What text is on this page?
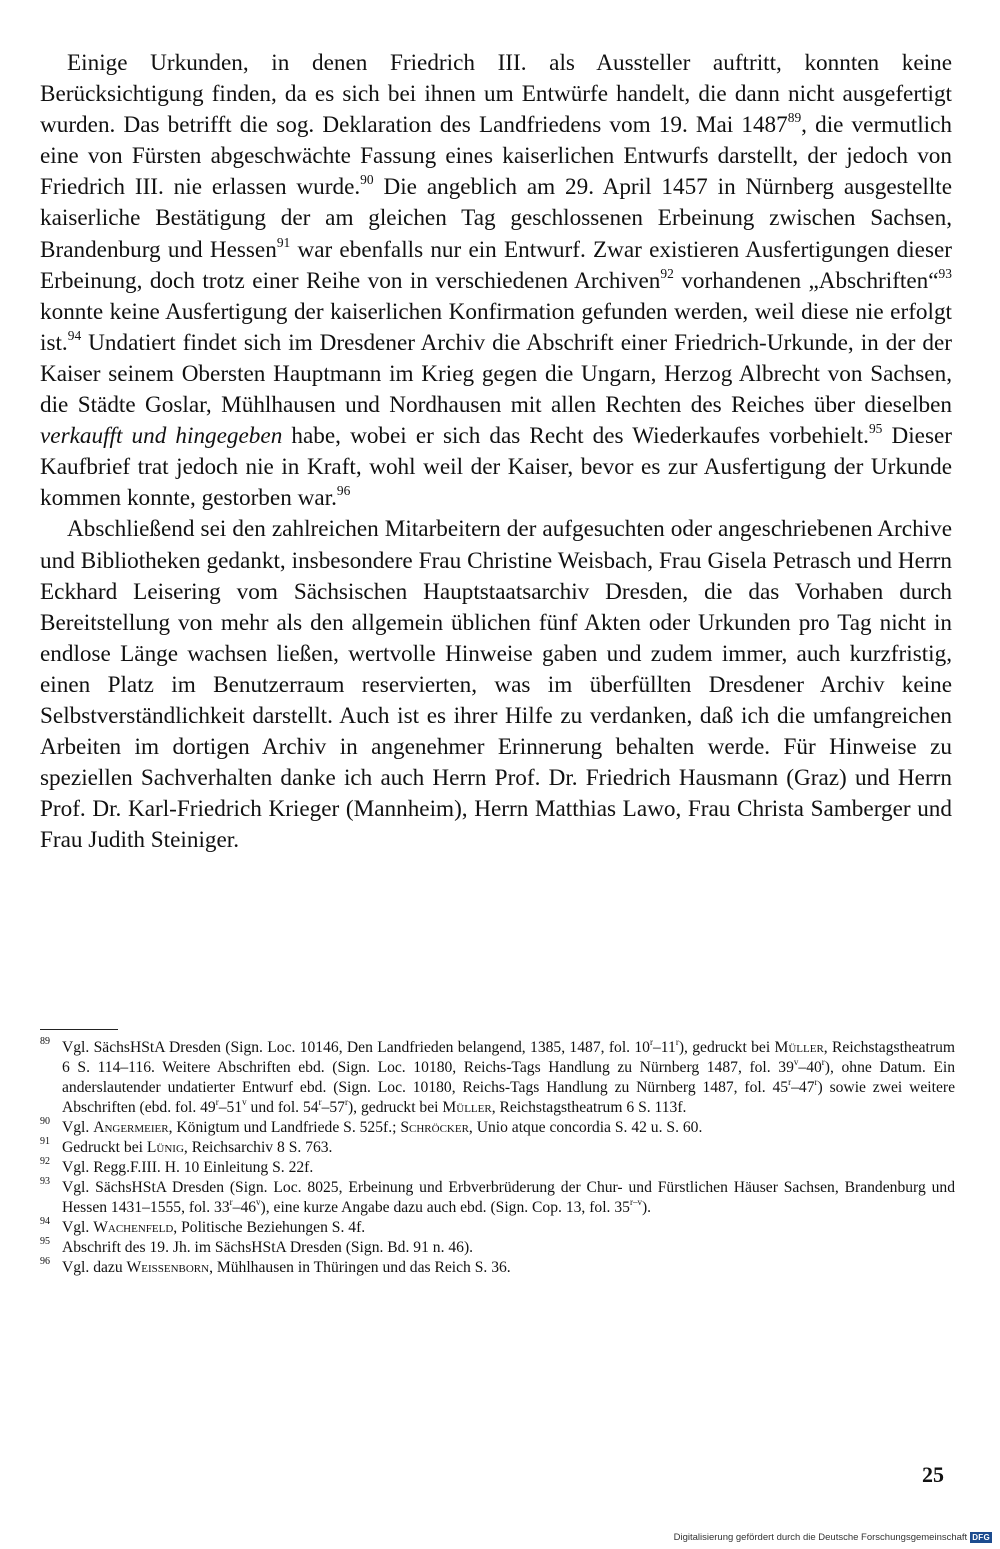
Einige Urkunden, in denen Friedrich III. als Aussteller auftritt, konnten keine Berücksichtigung finden, da es sich bei ihnen um Entwürfe handelt, die dann nicht ausgefertigt wurden. Das betrifft die sog. Deklaration des Landfriedens vom 19. Mai 1487$^{89}$, die vermutlich eine von Fürsten abgeschwächte Fassung eines kaiserlichen Entwurfs darstellt, der jedoch von Friedrich III. nie erlassen wurde.$^{90}$ Die angeblich am 29. April 1457 in Nürnberg ausgestellte kaiserliche Bestätigung der am gleichen Tag geschlossenen Erbeinung zwischen Sachsen, Brandenburg und Hessen$^{91}$ war ebenfalls nur ein Entwurf. Zwar existieren Ausfertigungen dieser Erbeinung, doch trotz einer Reihe von in verschiedenen Archiven$^{92}$ vorhandenen „Abschriften“$^{93}$ konnte keine Ausfertigung der kaiserlichen Konfirmation gefunden werden, weil diese nie erfolgt ist.$^{94}$ Undatiert findet sich im Dresdener Archiv die Abschrift einer Friedrich-Urkunde, in der der Kaiser seinem Obersten Hauptmann im Krieg gegen die Ungarn, Herzog Albrecht von Sachsen, die Städte Goslar, Mühlhausen und Nordhausen mit allen Rechten des Reiches über dieselben verkaufft und hingegeben habe, wobei er sich das Recht des Wiederkaufes vorbehielt.$^{95}$ Dieser Kaufbrief trat jedoch nie in Kraft, wohl weil der Kaiser, bevor es zur Ausfertigung der Urkunde kommen konnte, gestorben war.$^{96}$

Abschließend sei den zahlreichen Mitarbeitern der aufgesuchten oder angeschriebenen Archive und Bibliotheken gedankt, insbesondere Frau Christine Weisbach, Frau Gisela Petrasch und Herrn Eckhard Leisering vom Sächsischen Hauptstaatsarchiv Dresden, die das Vorhaben durch Bereitstellung von mehr als den allgemein üblichen fünf Akten oder Urkunden pro Tag nicht in endlose Länge wachsen ließen, wertvolle Hinweise gaben und zudem immer, auch kurzfristig, einen Platz im Benutzerraum reservierten, was im überfüllten Dresdener Archiv keine Selbstverständlichkeit darstellt. Auch ist es ihrer Hilfe zu verdanken, daß ich die umfangreichen Arbeiten im dortigen Archiv in angenehmer Erinnerung behalten werde. Für Hinweise zu speziellen Sachverhalten danke ich auch Herrn Prof. Dr. Friedrich Hausmann (Graz) und Herrn Prof. Dr. Karl-Friedrich Krieger (Mannheim), Herrn Matthias Lawo, Frau Christa Samberger und Frau Judith Steiniger.

89 Vgl. SächsHStA Dresden (Sign. Loc. 10146, Den Landfrieden belangend, 1385, 1487, fol. 10$^r$–11$^r$), gedruckt bei Müller, Reichstagstheatrum 6 S. 114–116. Weitere Abschriften ebd. (Sign. Loc. 10180, Reichs-Tags Handlung zu Nürnberg 1487, fol. 39$^v$–40$^r$), ohne Datum. Ein anderslautender undatierter Entwurf ebd. (Sign. Loc. 10180, Reichs-Tags Handlung zu Nürnberg 1487, fol. 45$^r$–47$^r$) sowie zwei weitere Abschriften (ebd. fol. 49$^r$–51$^v$ und fol. 54$^r$–57$^r$), gedruckt bei Müller, Reichstagstheatrum 6 S. 113f.
90 Vgl. Angermeier, Königtum und Landfriede S. 525f.; Schröcker, Unio atque concordia S. 42 u. S. 60.
91 Gedruckt bei Lünig, Reichsarchiv 8 S. 763.
92 Vgl. Regg.F.III. H. 10 Einleitung S. 22f.
93 Vgl. SächsHStA Dresden (Sign. Loc. 8025, Erbeinung und Erbverbrüderung der Chur- und Fürstlichen Häuser Sachsen, Brandenburg und Hessen 1431–1555, fol. 33$^r$–46$^v$), eine kurze Angabe dazu auch ebd. (Sign. Cop. 13, fol. 35$^{r-v}$).
94 Vgl. Wachenfeld, Politische Beziehungen S. 4f.
95 Abschrift des 19. Jh. im SächsHStA Dresden (Sign. Bd. 91 n. 46).
96 Vgl. dazu Weissenborn, Mühlhausen in Thüringen und das Reich S. 36.
25
Digitalisierung gefördert durch die Deutsche Forschungsgemeinschaft DFG
